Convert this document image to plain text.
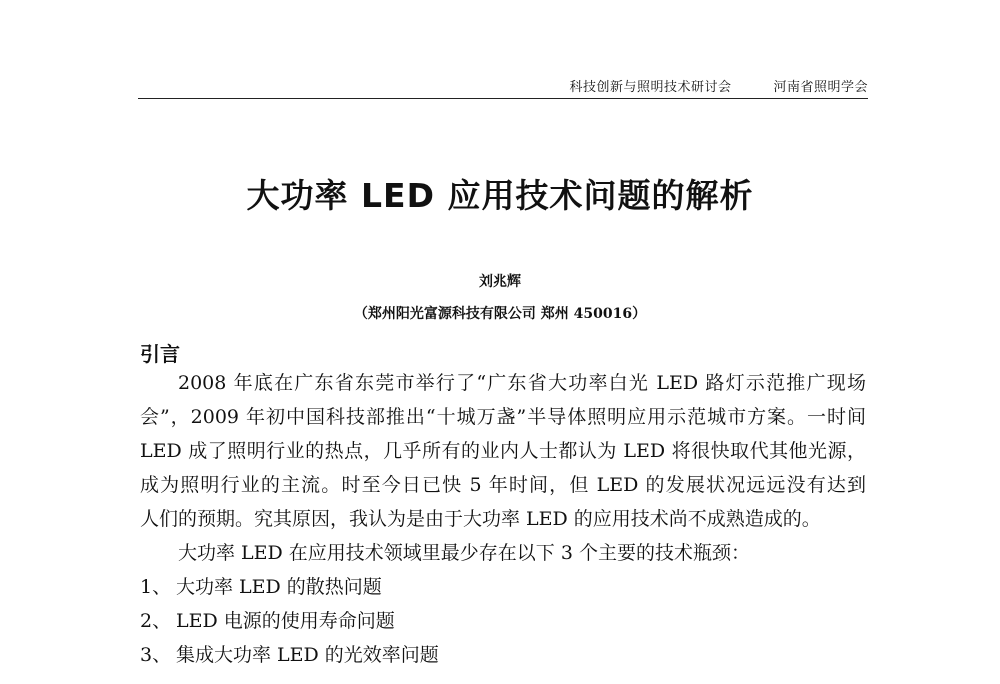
科技创新与照明技术研讨会	河南省照明学会
大功率 LED 应用技术问题的解析
刘兆辉
（郑州阳光富源科技有限公司 郑州 450016）
引言
2008 年底在广东省东莞市举行了“广东省大功率白光 LED 路灯示范推广现场
会”，2009 年初中国科技部推出“十城万盏”半导体照明应用示范城市方案。一时间
LED 成了照明行业的热点，几乎所有的业内人士都认为 LED 将很快取代其他光源，
成为照明行业的主流。时至今日已快 5 年时间，但 LED 的发展状况远远没有达到
人们的预期。究其原因，我认为是由于大功率 LED 的应用技术尚不成熟造成的。
大功率 LED 在应用技术领域里最少存在以下 3 个主要的技术瓶颈：
1、 大功率 LED 的散热问题
2、 LED 电源的使用寿命问题
3、 集成大功率 LED 的光效率问题
